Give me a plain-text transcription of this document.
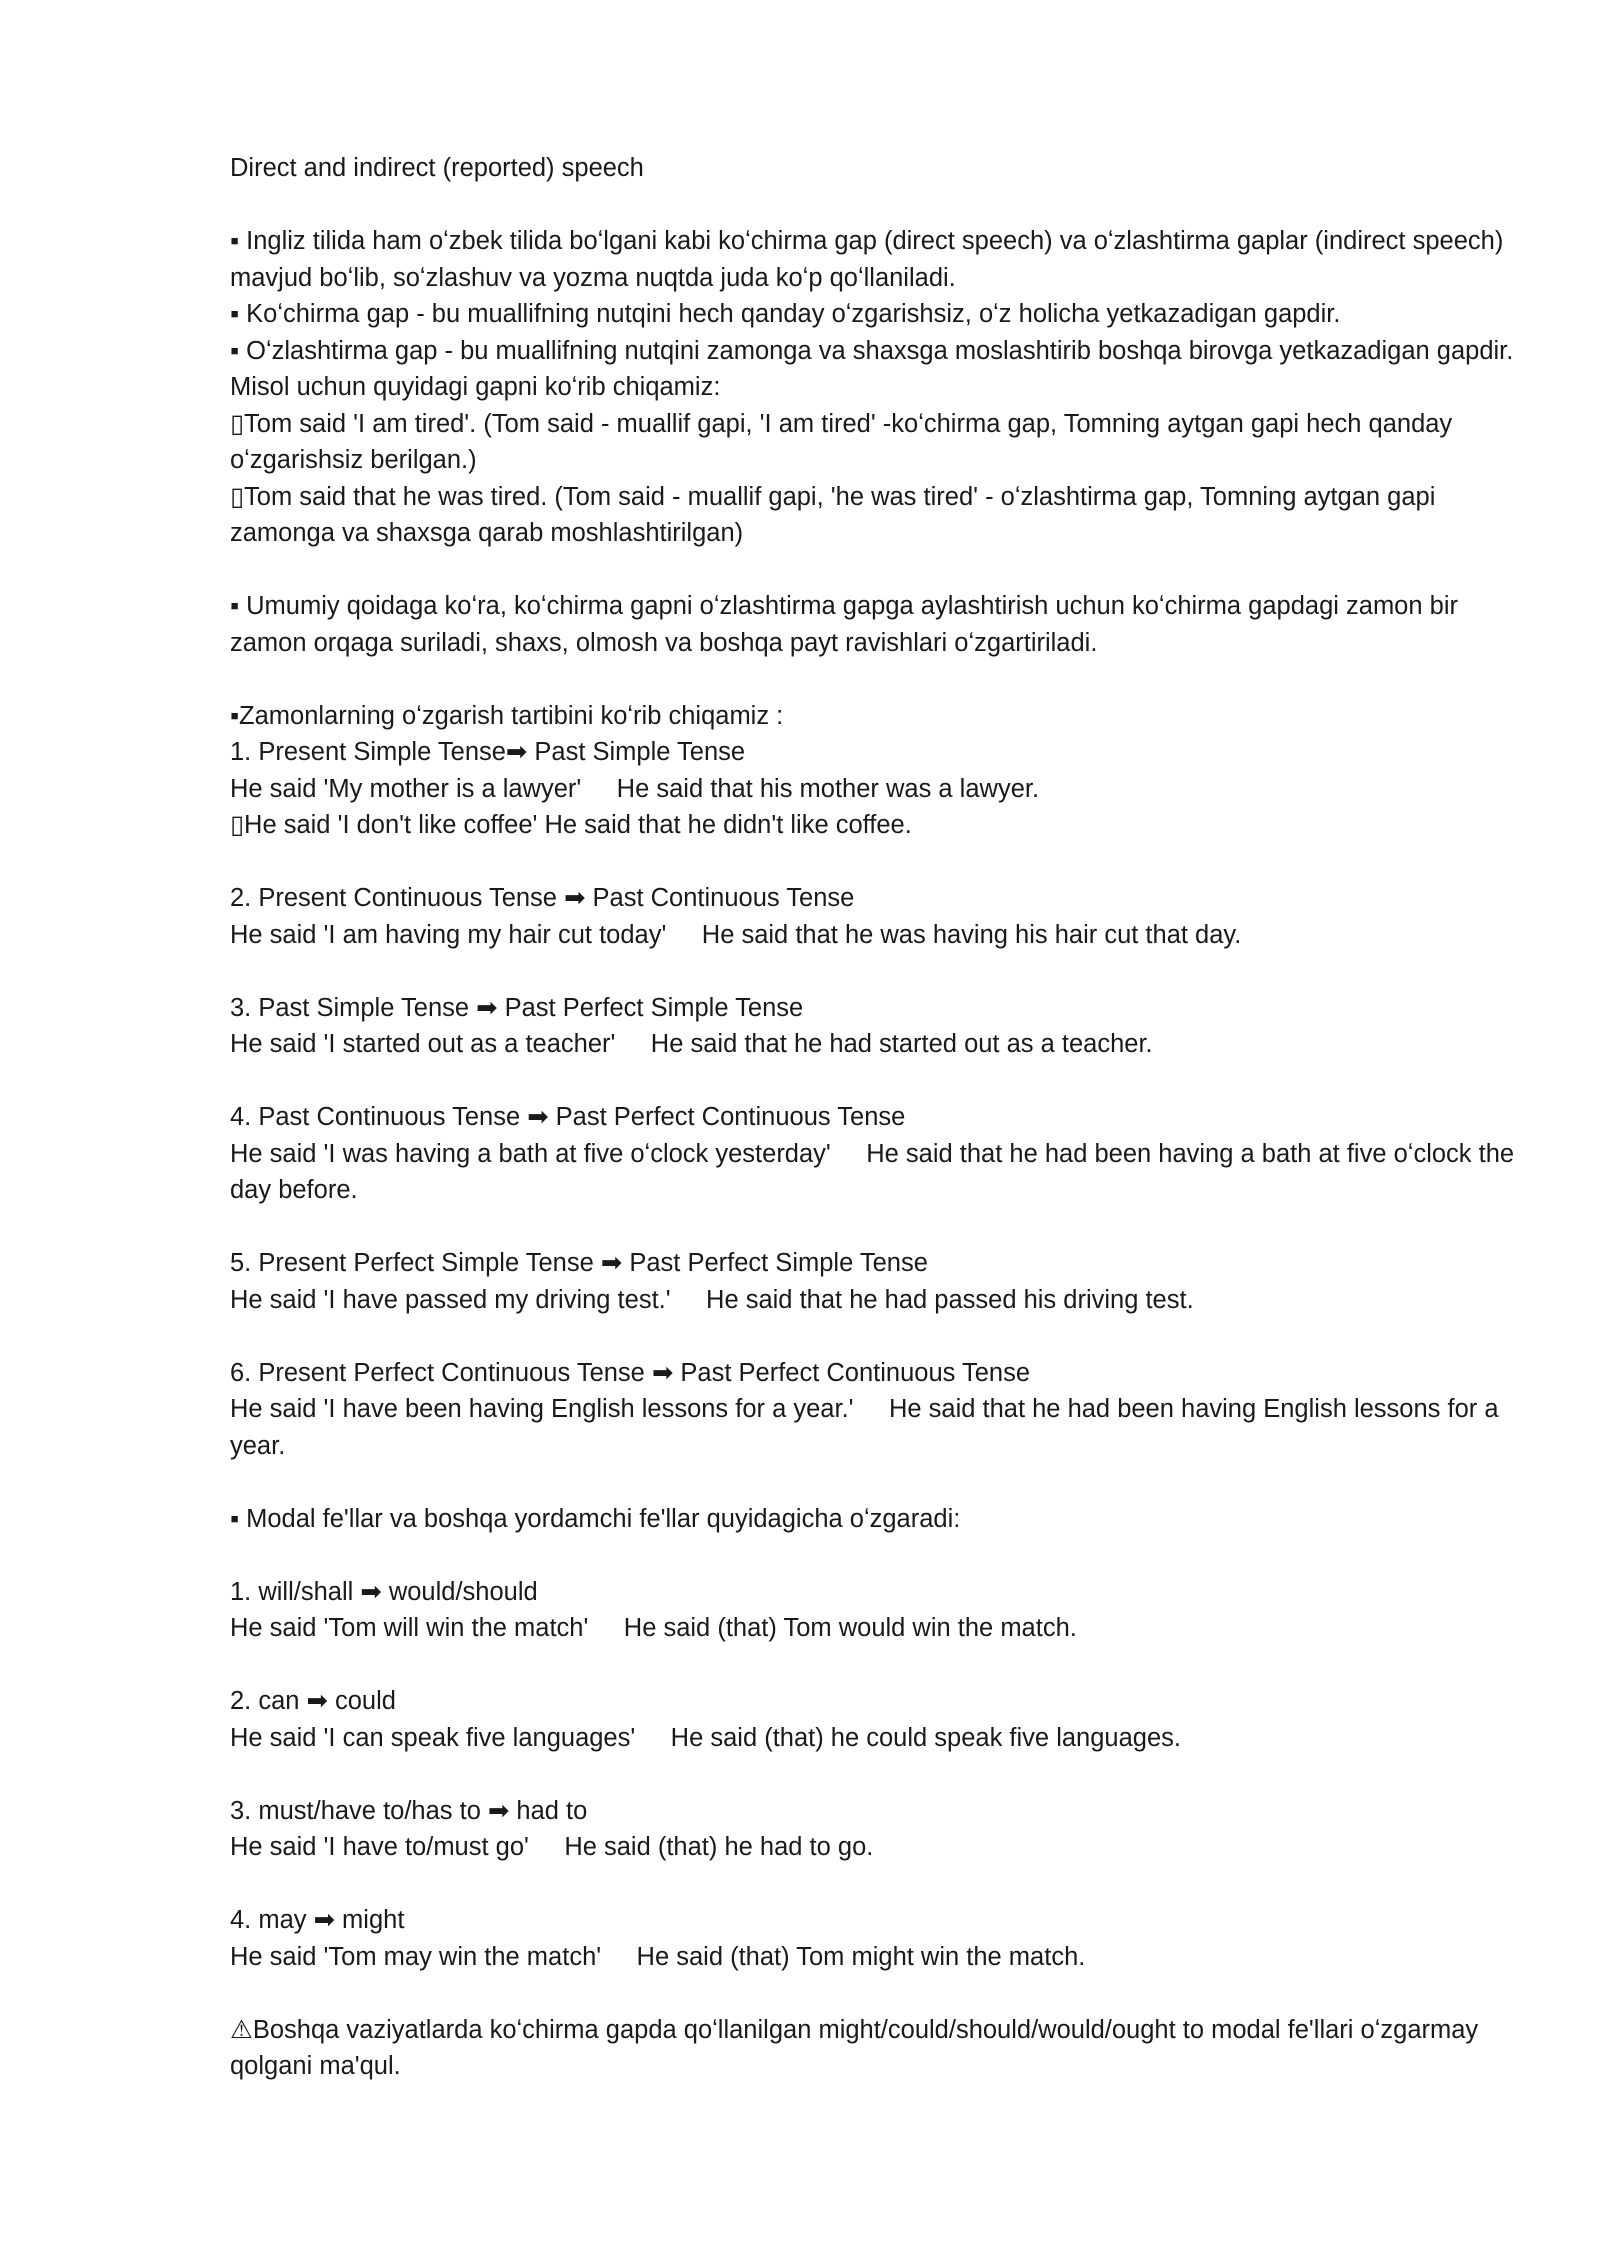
Direct and indirect (reported) speech
▪ Ingliz tilida ham oʻzbek tilida boʻlgani kabi koʻchirma gap (direct speech) va oʻzlashtirma gaplar (indirect speech) mavjud boʻlib, soʻzlashuv va yozma nuqtda juda koʻp qoʻllaniladi.
▪ Koʻchirma gap - bu muallifning nutqini hech qanday oʻzgarishsiz, oʻz holicha yetkazadigan gapdir.
▪ Oʻzlashtirma gap - bu muallifning nutqini zamonga va shaxsga moslashtirib boshqa birovga yetkazadigan gapdir. Misol uchun quyidagi gapni koʻrib chiqamiz:
▯Tom said 'I am tired'. (Tom said - muallif gapi, 'I am tired' -koʻchirma gap, Tomning aytgan gapi hech qanday oʻzgarishsiz berilgan.)
▯Tom said that he was tired. (Tom said - muallif gapi, 'he was tired' - oʻzlashtirma gap, Tomning aytgan gapi zamonga va shaxsga qarab moshlashtirilgan)
▪ Umumiy qoidaga koʻra, koʻchirma gapni oʻzlashtirma gapga aylashtirish uchun koʻchirma gapdagi zamon bir zamon orqaga suriladi, shaxs, olmosh va boshqa payt ravishlari oʻzgartiriladi.
▪Zamonlarning oʻzgarish tartibini koʻrib chiqamiz :
1. Present Simple Tense➡ Past Simple Tense
He said 'My mother is a lawyer'     He said that his mother was a lawyer.
▯He said 'I don't like coffee' He said that he didn't like coffee.
2. Present Continuous Tense ➡ Past Continuous Tense
He said 'I am having my hair cut today'     He said that he was having his hair cut that day.
3. Past Simple Tense ➡ Past Perfect Simple Tense
He said 'I started out as a teacher'     He said that he had started out as a teacher.
4. Past Continuous Tense ➡ Past Perfect Continuous Tense
He said 'I was having a bath at five oʻclock yesterday'     He said that he had been having a bath at five oʻclock the day before.
5. Present Perfect Simple Tense ➡ Past Perfect Simple Tense
He said 'I have passed my driving test.'     He said that he had passed his driving test.
6. Present Perfect Continuous Tense ➡ Past Perfect Continuous Tense
He said 'I have been having English lessons for a year.'     He said that he had been having English lessons for a year.
▪ Modal fe'llar va boshqa yordamchi fe'llar quyidagicha oʻzgaradi:
1. will/shall ➡ would/should
He said 'Tom will win the match'     He said (that) Tom would win the match.
2. can ➡ could
He said 'I can speak five languages'     He said (that) he could speak five languages.
3. must/have to/has to ➡ had to
He said 'I have to/must go'     He said (that) he had to go.
4. may ➡ might
He said 'Tom may win the match'     He said (that) Tom might win the match.
⚠Boshqa vaziyatlarda koʻchirma gapda qoʻllanilgan might/could/should/would/ought to modal fe'llari oʻzgarmay qolgani ma'qul.
